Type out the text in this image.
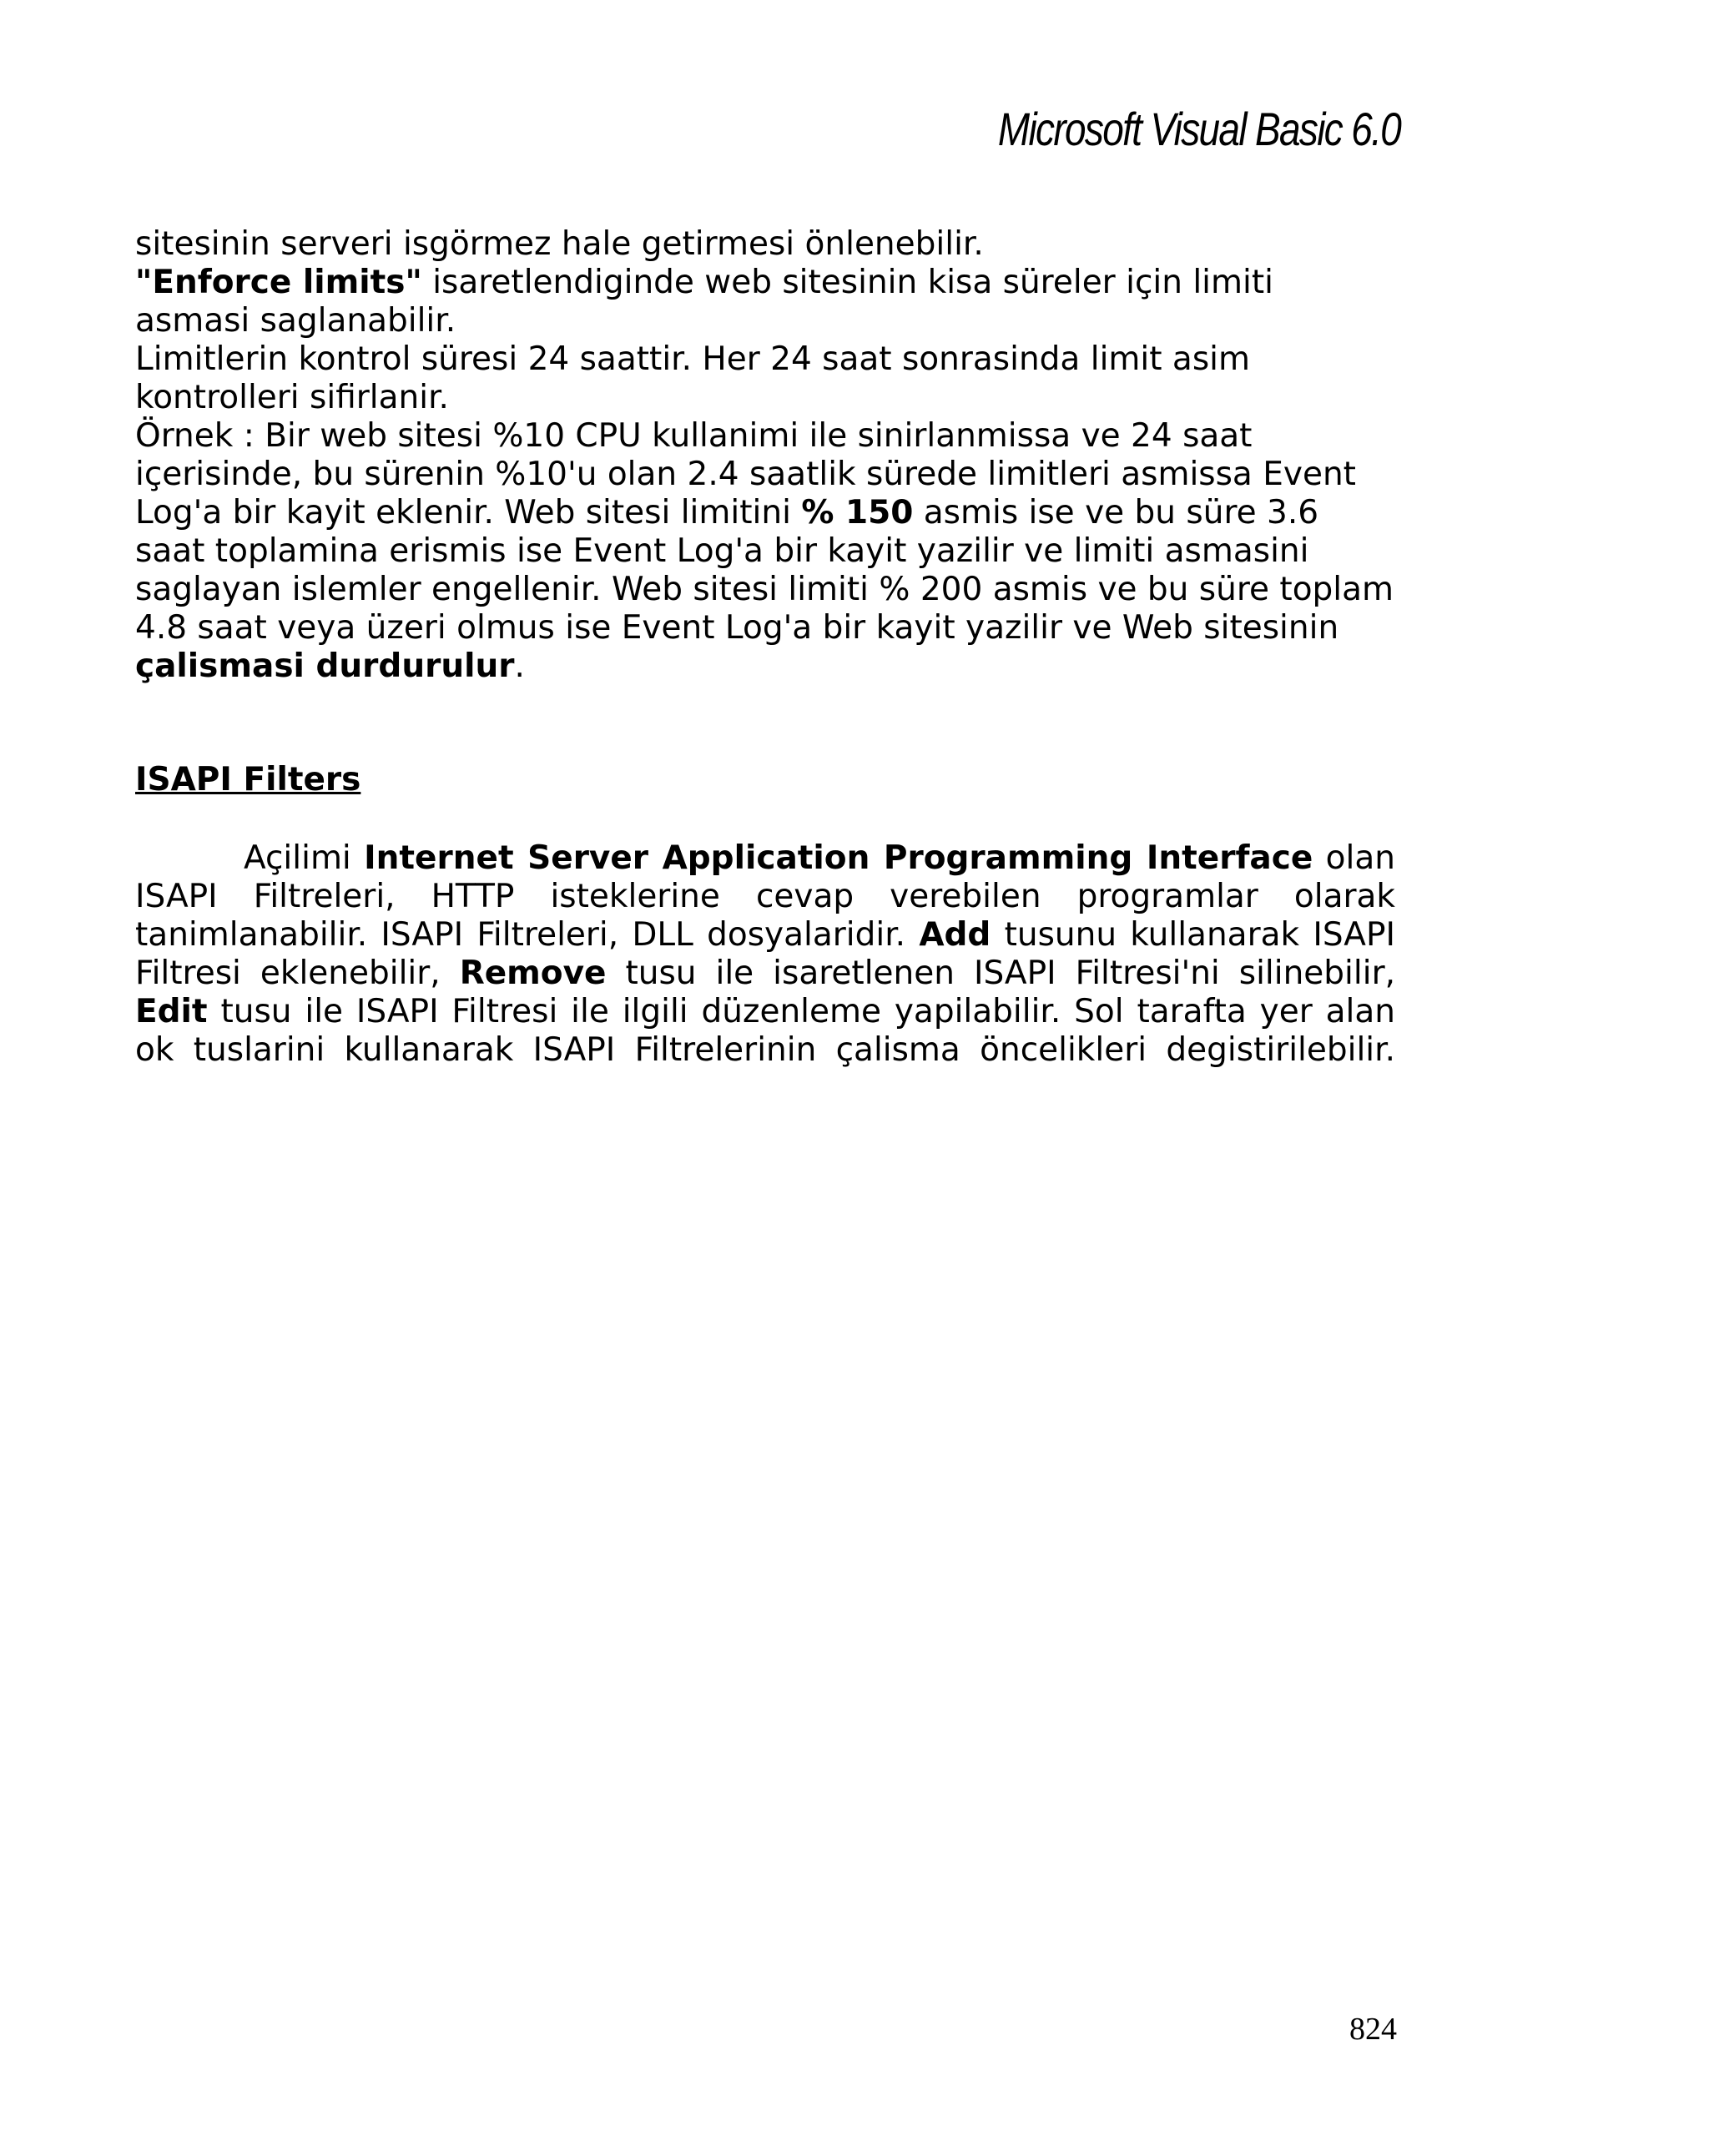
Microsoft Visual Basic 6.0

sitesinin serveri isgörmez hale getirmesi önlenebilir.

"Enforce limits" isaretlendiginde web sitesinin kisa süreler için limiti asmasi saglanabilir.

Limitlerin kontrol süresi 24 saattir. Her 24 saat sonrasinda limit asim kontrolleri sifirlanir.

Örnek : Bir web sitesi %10 CPU kullanimi ile sinirlanmissa ve 24 saat içerisinde, bu sürenin %10'u olan 2.4 saatlik sürede limitleri asmissa Event Log'a bir kayit eklenir. Web sitesi limitini % 150 asmis ise ve bu süre 3.6 saat toplamina erismis ise Event Log'a bir kayit yazilir ve limiti asmasini saglayan islemler engellenir. Web sitesi limiti % 200 asmis ve bu süre toplam 4.8 saat veya üzeri olmus ise Event Log'a bir kayit yazilir ve Web sitesinin çalismasi durdurulur.

ISAPI Filters

Açilimi Internet Server Application Programming Interface olan ISAPI Filtreleri, HTTP isteklerine cevap verebilen programlar olarak tanimlanabilir. ISAPI Filtreleri, DLL dosyalaridir. Add tusunu kullanarak ISAPI Filtresi eklenebilir, Remove tusu ile isaretlenen ISAPI Filtresi'ni silinebilir, Edit tusu ile ISAPI Filtresi ile ilgili düzenleme yapilabilir. Sol tarafta yer alan ok tuslarini kullanarak ISAPI Filtrelerinin çalisma öncelikleri degistirilebilir.

824
